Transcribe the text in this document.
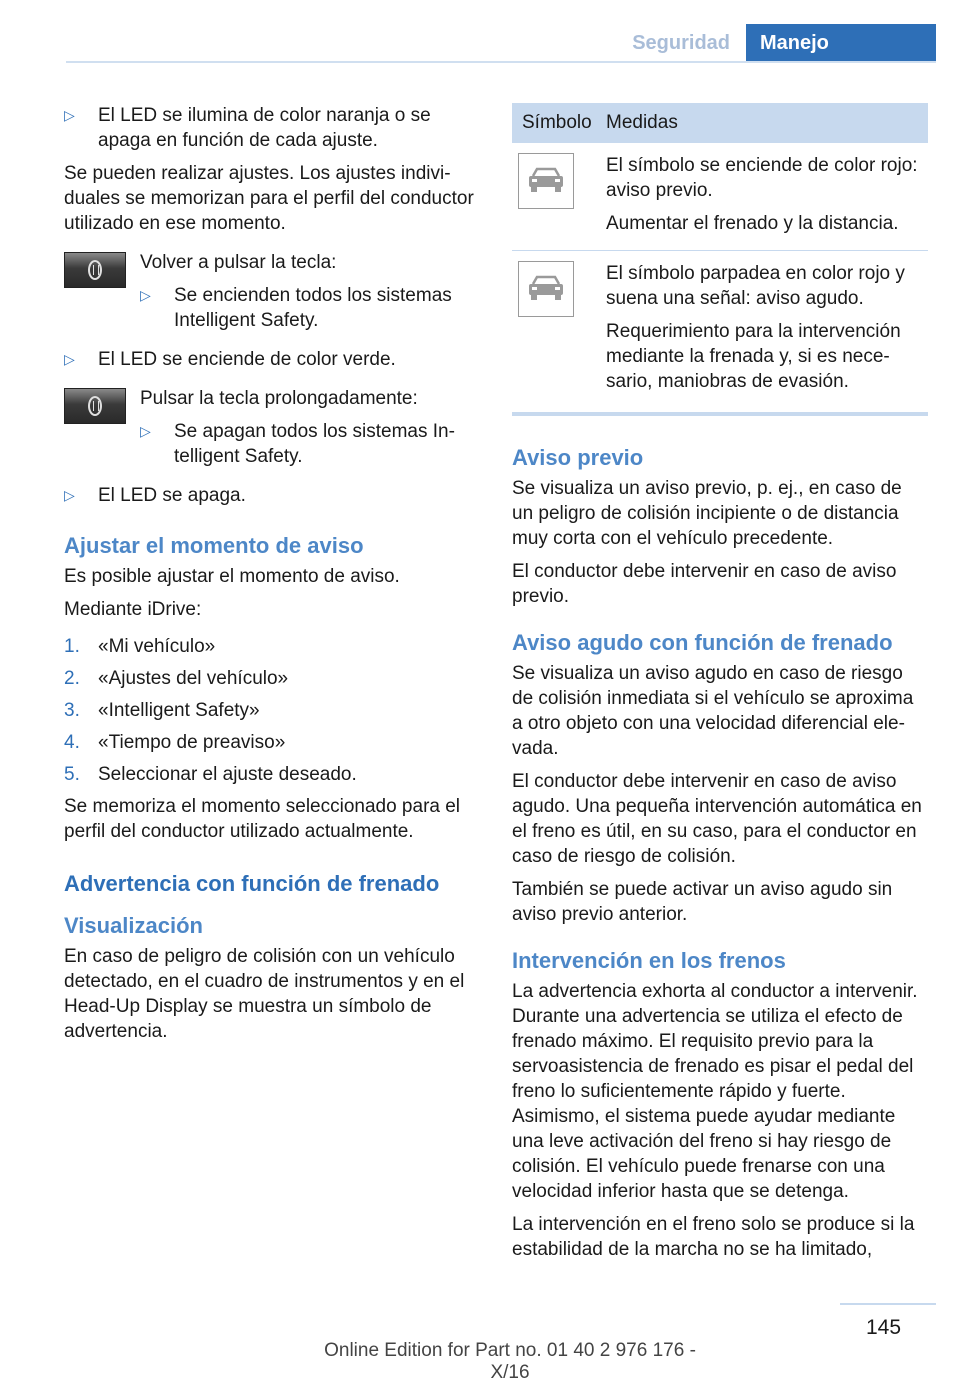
Seguridad	Manejo
▷	El LED se ilumina de color naranja o se apaga en función de cada ajuste.

Se pueden realizar ajustes. Los ajustes individuales se memorizan para el perfil del conductor utilizado en ese momento.

Volver a pulsar la tecla:

▷	Se encienden todos los sistemas Intelligent Safety.
▷	El LED se enciende de color verde.

Pulsar la tecla prolongadamente:

▷	Se apagan todos los sistemas Intelligent Safety.
▷	El LED se apaga.
Ajustar el momento de aviso

Es posible ajustar el momento de aviso.

Mediante iDrive:

1. «Mi vehículo»
2. «Ajustes del vehículo»
3. «Intelligent Safety»
4. «Tiempo de preaviso»
5. Seleccionar el ajuste deseado.

Se memoriza el momento seleccionado para el perfil del conductor utilizado actualmente.

Advertencia con función de frenado
Visualización

En caso de peligro de colisión con un vehículo detectado, en el cuadro de instrumentos y en el Head-Up Display se muestra un símbolo de advertencia.

Símbolo	Medidas

El símbolo se enciende de color rojo: aviso previo.

Aumentar el frenado y la distancia.

El símbolo parpadea en color rojo y suena una señal: aviso agudo.

Requerimiento para la intervención mediante la frenada y, si es necesario, maniobras de evasión.

Aviso previo

Se visualiza un aviso previo, p. ej., en caso de un peligro de colisión incipiente o de distancia muy corta con el vehículo precedente.

El conductor debe intervenir en caso de aviso previo.

Aviso agudo con función de frenado

Se visualiza un aviso agudo en caso de riesgo de colisión inmediata si el vehículo se aproxima a otro objeto con una velocidad diferencial elevada.

El conductor debe intervenir en caso de aviso agudo. Una pequeña intervención automática en el freno es útil, en su caso, para el conductor en caso de riesgo de colisión.

También se puede activar un aviso agudo sin aviso previo anterior.

Intervención en los frenos

La advertencia exhorta al conductor a intervenir. Durante una advertencia se utiliza el efecto de frenado máximo. El requisito previo para la servoasistencia de frenado es pisar el pedal del freno lo suficientemente rápido y fuerte. Asimismo, el sistema puede ayudar mediante una leve activación del freno si hay riesgo de colisión. El vehículo puede frenarse con una velocidad inferior hasta que se detenga.

La intervención en el freno solo se produce si la estabilidad de la marcha no se ha limitado,

145
Online Edition for Part no. 01 40 2 976 176 - X/16
